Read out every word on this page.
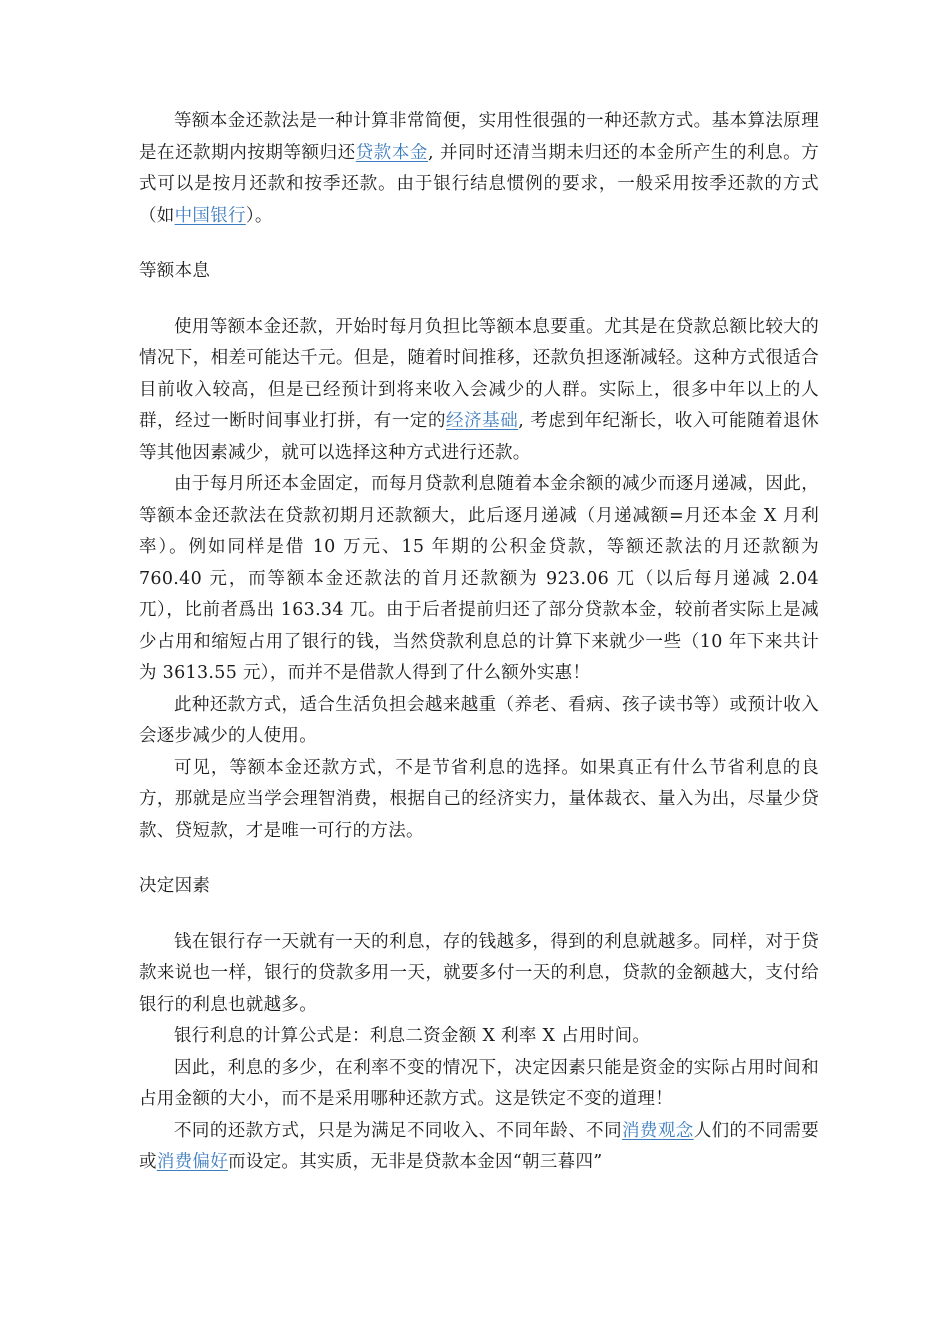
等额本金还款法是一种计算非常简便，实用性很强的一种还款方式。基本算法原理是在还款期内按期等额归还贷款本金, 并同时还清当期未归还的本金所产生的利息。方式可以是按月还款和按季还款。由于银行结息惯例的要求，一般采用按季还款的方式（如中国银行）。

等额本息

使用等额本金还款，开始时每月负担比等额本息要重。尤其是在贷款总额比较大的情况下，相差可能达千元。但是，随着时间推移，还款负担逐渐减轻。这种方式很适合目前收入较高，但是已经预计到将来收入会减少的人群。实际上，很多中年以上的人群，经过一断时间事业打拼，有一定的经济基础, 考虑到年纪渐长，收入可能随着退休等其他因素减少，就可以选择这种方式进行还款。

由于每月所还本金固定，而每月贷款利息随着本金余额的减少而逐月递减，因此，等额本金还款法在贷款初期月还款额大，此后逐月递减（月递减额=月还本金 X 月利率）。例如同样是借 10 万元、15 年期的公积金贷款，等额还款法的月还款额为 760.40 元，而等额本金还款法的首月还款额为 923.06 兀（以后每月递减 2.04 兀），比前者爲出 163.34 兀。由于后者提前归还了部分贷款本金，较前者实际上是减少占用和缩短占用了银行的钱，当然贷款利息总的计算下来就少一些（10 年下来共计为 3613.55 元），而并不是借款人得到了什么额外实惠！

此种还款方式，适合生活负担会越来越重（养老、看病、孩子读书等）或预计收入会逐步减少的人使用。

可见，等额本金还款方式，不是节省利息的选择。如果真正有什么节省利息的良方，那就是应当学会理智消费，根据自己的经济实力，量体裁衣、量入为出，尽量少贷款、贷短款，才是唯一可行的方法。

决定因素

钱在银行存一天就有一天的利息，存的钱越多，得到的利息就越多。同样，对于贷款来说也一样，银行的贷款多用一天，就要多付一天的利息，贷款的金额越大，支付给银行的利息也就越多。

银行利息的计算公式是：利息二资金额 X 利率 X 占用时间。

因此，利息的多少，在利率不变的情况下，决定因素只能是资金的实际占用时间和占用金额的大小，而不是采用哪种还款方式。这是铁定不变的道理！

不同的还款方式，只是为满足不同收入、不同年龄、不同消费观念人们的不同需要或消费偏好而设定。其实质，无非是贷款本金因“朝三暮四”
